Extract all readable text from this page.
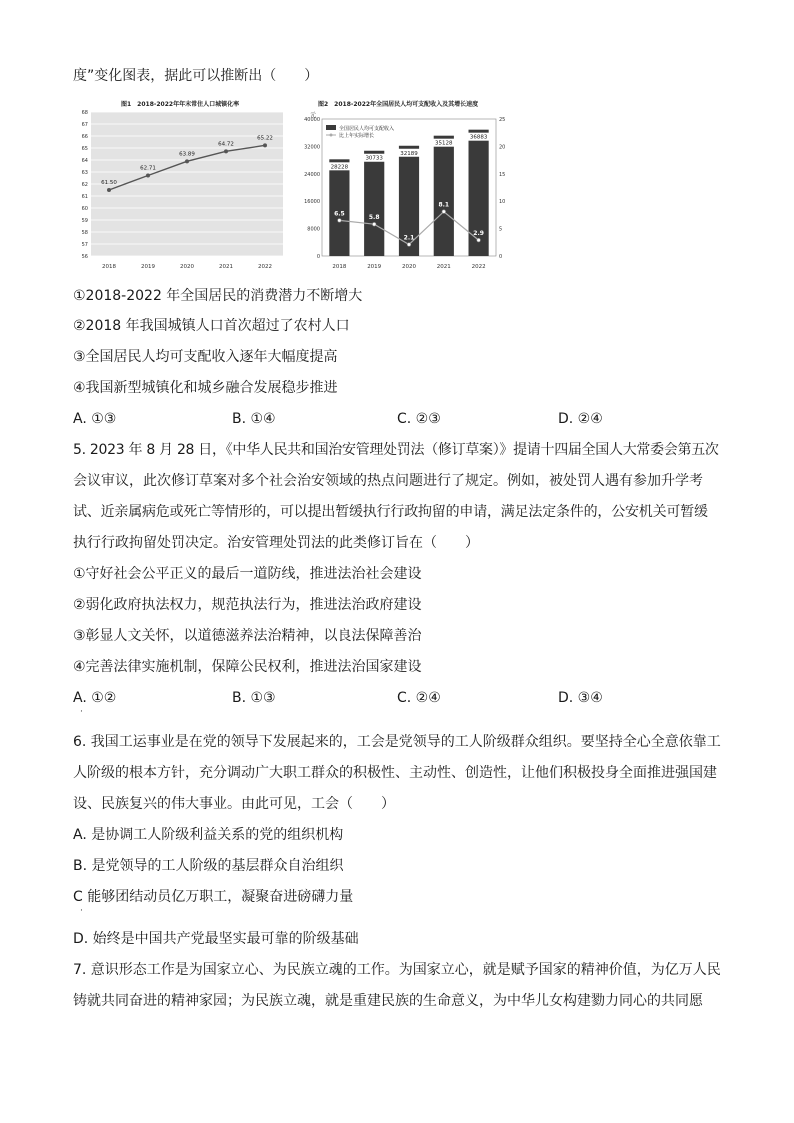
度”变化图表，据此可以推断出（　　）
图1　2018-2022年年末常住人口城镇化率
56
57
58
59
60
61
62
63
64
65
66
67
68
2018	2019	2020	2021	2022
61.50
62.71
63.89
64.72
65.22
图2　2018-2022年全国居民人均可支配收入及其增长速度
元
全国居民人均可支配收入
比上年实际增长
0
8000
16000
24000
32000
40000
0
5
10
15
20
25
28228
30733
32189
35128
36883
2018	2019	2020	2021	2022
6.5
5.8
2.1
8.1
2.9
①2018-2022 年全国居民的消费潜力不断增大
②2018 年我国城镇人口首次超过了农村人口
③全国居民人均可支配收入逐年大幅度提高
④我国新型城镇化和城乡融合发展稳步推进
A. ①③	B. ①④	C. ②③	D. ②④
5. 2023 年 8 月 28 日，《中华人民共和国治安管理处罚法（修订草案）》提请十四届全国人大常委会第五次
会议审议，此次修订草案对多个社会治安领域的热点问题进行了规定。例如，被处罚人遇有参加升学考
试、近亲属病危或死亡等情形的，可以提出暂缓执行行政拘留的申请，满足法定条件的，公安机关可暂缓
执行行政拘留处罚决定。治安管理处罚法的此类修订旨在（　　）
①守好社会公平正义的最后一道防线，推进法治社会建设
②弱化政府执法权力，规范执法行为，推进法治政府建设
③彰显人文关怀，以道德滋养法治精神，以良法保障善治
④完善法律实施机制，保障公民权利，推进法治国家建设
A. ①②	B. ①③	C. ②④	D. ③④
·
6. 我国工运事业是在党的领导下发展起来的，工会是党领导的工人阶级群众组织。要坚持全心全意依靠工
人阶级的根本方针，充分调动广大职工群众的积极性、主动性、创造性，让他们积极投身全面推进强国建
设、民族复兴的伟大事业。由此可见，工会（　　）
A. 是协调工人阶级利益关系的党的组织机构
B. 是党领导的工人阶级的基层群众自治组织
C 能够团结动员亿万职工，凝聚奋进磅礴力量
·
D. 始终是中国共产党最坚实最可靠的阶级基础
7. 意识形态工作是为国家立心、为民族立魂的工作。为国家立心，就是赋予国家的精神价值，为亿万人民
铸就共同奋进的精神家园；为民族立魂，就是重建民族的生命意义，为中华儿女构建勠力同心的共同愿
